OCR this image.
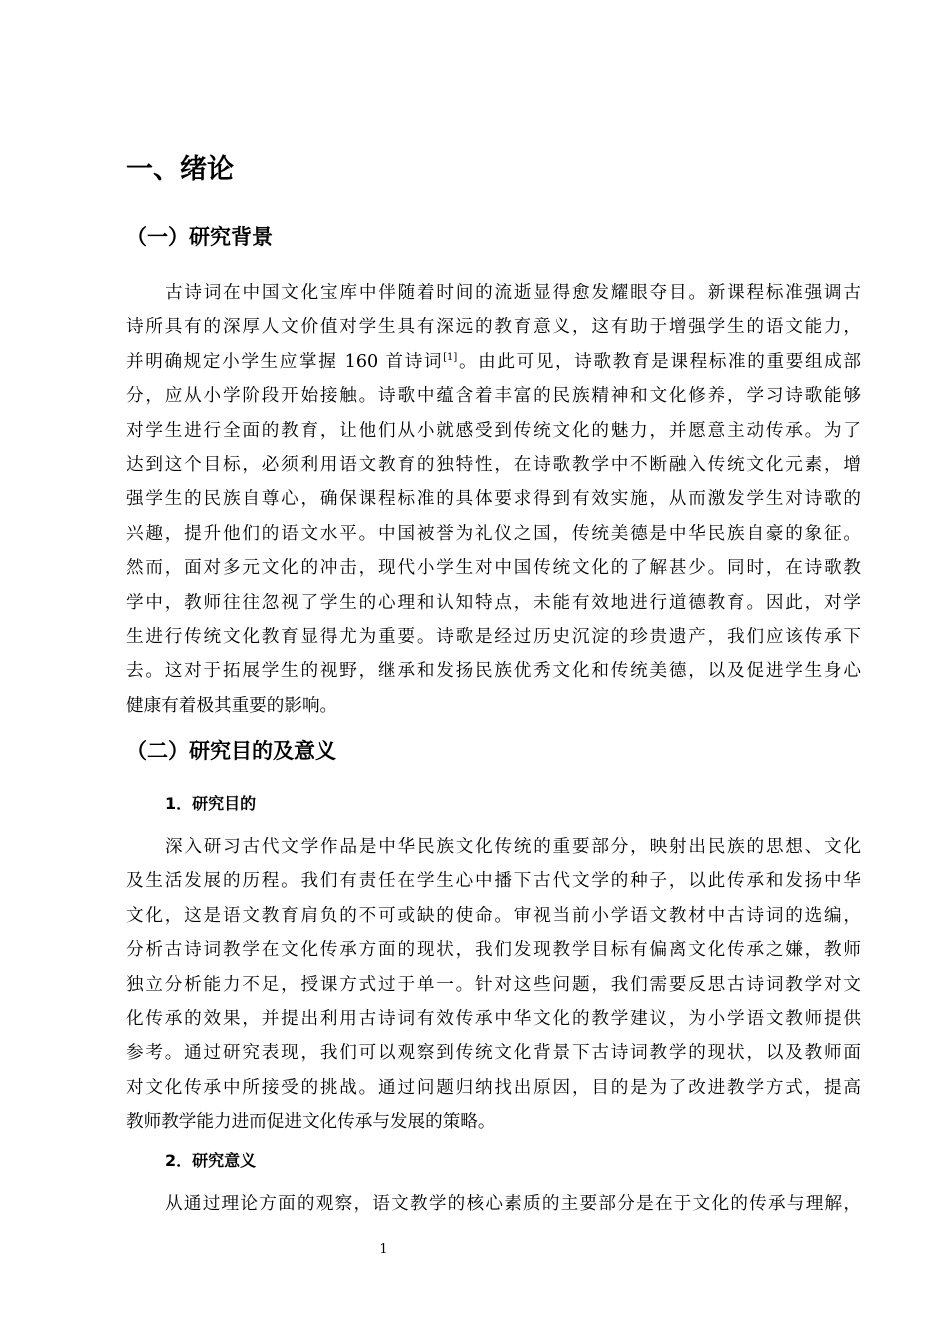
一、绪论
（一）研究背景
古诗词在中国文化宝库中伴随着时间的流逝显得愈发耀眼夺目。新课程标准强调古
诗所具有的深厚人文价值对学生具有深远的教育意义，这有助于增强学生的语文能力，
并明确规定小学生应掌握 160 首诗词[1]。由此可见，诗歌教育是课程标准的重要组成部
分，应从小学阶段开始接触。诗歌中蕴含着丰富的民族精神和文化修养，学习诗歌能够
对学生进行全面的教育，让他们从小就感受到传统文化的魅力，并愿意主动传承。为了
达到这个目标，必须利用语文教育的独特性，在诗歌教学中不断融入传统文化元素，增
强学生的民族自尊心，确保课程标准的具体要求得到有效实施，从而激发学生对诗歌的
兴趣，提升他们的语文水平。中国被誉为礼仪之国，传统美德是中华民族自豪的象征。
然而，面对多元文化的冲击，现代小学生对中国传统文化的了解甚少。同时，在诗歌教
学中，教师往往忽视了学生的心理和认知特点，未能有效地进行道德教育。因此，对学
生进行传统文化教育显得尤为重要。诗歌是经过历史沉淀的珍贵遗产，我们应该传承下
去。这对于拓展学生的视野，继承和发扬民族优秀文化和传统美德，以及促进学生身心
健康有着极其重要的影响。
（二）研究目的及意义
1．研究目的
深入研习古代文学作品是中华民族文化传统的重要部分，映射出民族的思想、文化
及生活发展的历程。我们有责任在学生心中播下古代文学的种子，以此传承和发扬中华
文化，这是语文教育肩负的不可或缺的使命。审视当前小学语文教材中古诗词的选编，
分析古诗词教学在文化传承方面的现状，我们发现教学目标有偏离文化传承之嫌，教师
独立分析能力不足，授课方式过于单一。针对这些问题，我们需要反思古诗词教学对文
化传承的效果，并提出利用古诗词有效传承中华文化的教学建议，为小学语文教师提供
参考。通过研究表现，我们可以观察到传统文化背景下古诗词教学的现状，以及教师面
对文化传承中所接受的挑战。通过问题归纳找出原因，目的是为了改进教学方式，提高
教师教学能力进而促进文化传承与发展的策略。
2．研究意义
从通过理论方面的观察，语文教学的核心素质的主要部分是在于文化的传承与理解，
1
